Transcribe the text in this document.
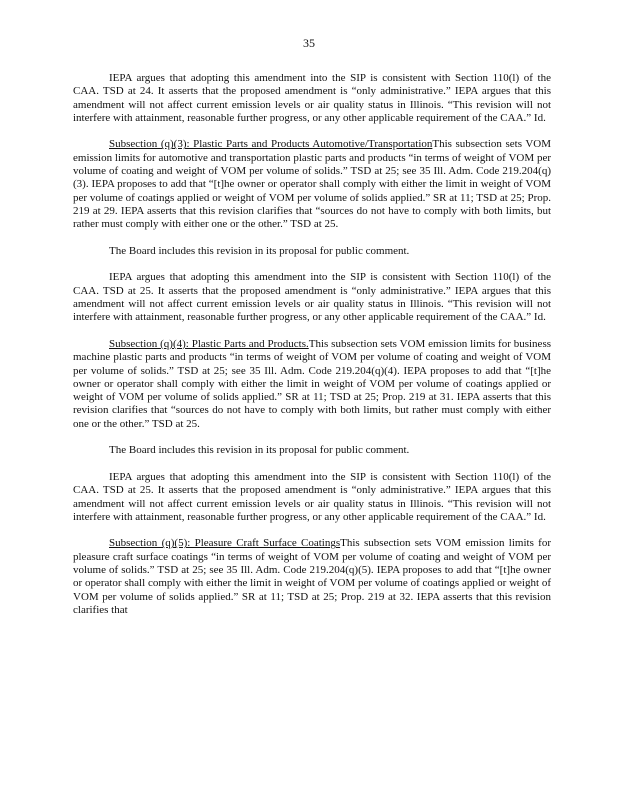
35

IEPA argues that adopting this amendment into the SIP is consistent with Section 110(l) of the CAA. TSD at 24. It asserts that the proposed amendment is “only administrative.” IEPA argues that this amendment will not affect current emission levels or air quality status in Illinois. “This revision will not interfere with attainment, reasonable further progress, or any other applicable requirement of the CAA.” Id.

Subsection (q)(3): Plastic Parts and Products Automotive/TransportationThis subsection sets VOM emission limits for automotive and transportation plastic parts and products “in terms of weight of VOM per volume of coating and weight of VOM per volume of solids.” TSD at 25; see 35 Ill. Adm. Code 219.204(q)(3). IEPA proposes to add that “[t]he owner or operator shall comply with either the limit in weight of VOM per volume of coatings applied or weight of VOM per volume of solids applied.” SR at 11; TSD at 25; Prop. 219 at 29. IEPA asserts that this revision clarifies that “sources do not have to comply with both limits, but rather must comply with either one or the other.” TSD at 25.

The Board includes this revision in its proposal for public comment.

IEPA argues that adopting this amendment into the SIP is consistent with Section 110(l) of the CAA. TSD at 25. It asserts that the proposed amendment is “only administrative.” IEPA argues that this amendment will not affect current emission levels or air quality status in Illinois. “This revision will not interfere with attainment, reasonable further progress, or any other applicable requirement of the CAA.” Id.

Subsection (q)(4): Plastic Parts and Products.This subsection sets VOM emission limits for business machine plastic parts and products “in terms of weight of VOM per volume of coating and weight of VOM per volume of solids.” TSD at 25; see 35 Ill. Adm. Code 219.204(q)(4). IEPA proposes to add that “[t]he owner or operator shall comply with either the limit in weight of VOM per volume of coatings applied or weight of VOM per volume of solids applied.” SR at 11; TSD at 25; Prop. 219 at 31. IEPA asserts that this revision clarifies that “sources do not have to comply with both limits, but rather must comply with either one or the other.” TSD at 25.

The Board includes this revision in its proposal for public comment.

IEPA argues that adopting this amendment into the SIP is consistent with Section 110(l) of the CAA. TSD at 25. It asserts that the proposed amendment is “only administrative.” IEPA argues that this amendment will not affect current emission levels or air quality status in Illinois. “This revision will not interfere with attainment, reasonable further progress, or any other applicable requirement of the CAA.” Id.

Subsection (q)(5): Pleasure Craft Surface CoatingsThis subsection sets VOM emission limits for pleasure craft surface coatings “in terms of weight of VOM per volume of coating and weight of VOM per volume of solids.” TSD at 25; see 35 Ill. Adm. Code 219.204(q)(5). IEPA proposes to add that “[t]he owner or operator shall comply with either the limit in weight of VOM per volume of coatings applied or weight of VOM per volume of solids applied.” SR at 11; TSD at 25; Prop. 219 at 32. IEPA asserts that this revision clarifies that
